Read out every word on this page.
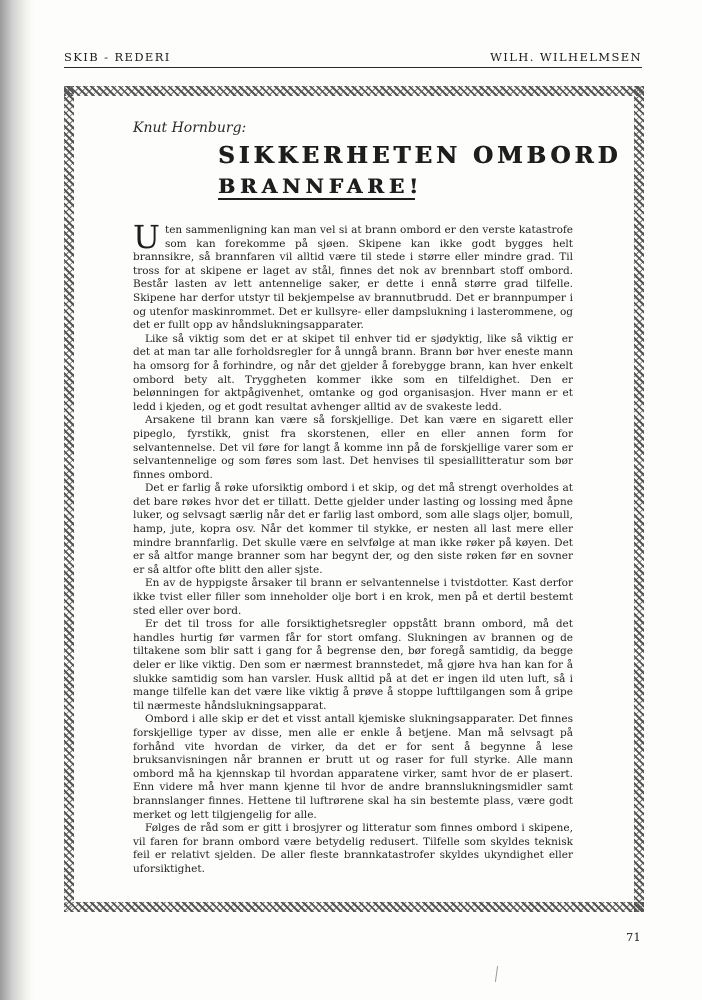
SKIB - REDERI	WILH. WILHELMSEN
Knut Hornburg:
SIKKERHETEN OMBORD
BRANNFARE!

Uten sammenligning kan man vel si at brann ombord er den verste katastrofe som kan forekomme på sjøen. Skipene kan ikke godt bygges helt brannsikre, så brannfaren vil alltid være til stede i større eller mindre grad. Til tross for at skipene er laget av stål, finnes det nok av brennbart stoff ombord. Består lasten av lett antennelige saker, er dette i ennå større grad tilfelle. Skipene har derfor utstyr til bekjempelse av brannutbrudd. Det er brannpumper i og utenfor maskinrommet. Det er kullsyre- eller dampslukning i lasterommene, og det er fullt opp av håndslukningsapparater.

Like så viktig som det er at skipet til enhver tid er sjødyktig, like så viktig er det at man tar alle forholdsregler for å unngå brann. Brann bør hver eneste mann ha omsorg for å forhindre, og når det gjelder å forebygge brann, kan hver enkelt ombord bety alt. Tryggheten kommer ikke som en tilfeldighet. Den er belønningen for aktpågivenhet, omtanke og god organisasjon. Hver mann er et ledd i kjeden, og et godt resultat avhenger alltid av de svakeste ledd.

Arsakene til brann kan være så forskjellige. Det kan være en sigarett eller pipeglo, fyrstikk, gnist fra skorstenen, eller en eller annen form for selvantennelse. Det vil føre for langt å komme inn på de forskjellige varer som er selvantennelige og som føres som last. Det henvises til spesiallitteratur som bør finnes ombord.

Det er farlig å røke uforsiktig ombord i et skip, og det må strengt overholdes at det bare røkes hvor det er tillatt. Dette gjelder under lasting og lossing med åpne luker, og selvsagt særlig når det er farlig last ombord, som alle slags oljer, bomull, hamp, jute, kopra osv. Når det kommer til stykke, er nesten all last mere eller mindre brannfarlig. Det skulle være en selvfølge at man ikke røker på køyen. Det er så altfor mange branner som har begynt der, og den siste røken før en sovner er så altfor ofte blitt den aller sjste.

En av de hyppigste årsaker til brann er selvantennelse i tvistdotter. Kast derfor ikke tvist eller filler som inneholder olje bort i en krok, men på et dertil bestemt sted eller over bord.

Er det til tross for alle forsiktighetsregler oppstått brann ombord, må det handles hurtig før varmen får for stort omfang. Slukningen av brannen og de tiltakene som blir satt i gang for å begrense den, bør foregå samtidig, da begge deler er like viktig. Den som er nærmest brannstedet, må gjøre hva han kan for å slukke samtidig som han varsler. Husk alltid på at det er ingen ild uten luft, så i mange tilfelle kan det være like viktig å prøve å stoppe lufttilgangen som å gripe til nærmeste håndslukningsapparat.

Ombord i alle skip er det et visst antall kjemiske slukningsapparater. Det finnes forskjellige typer av disse, men alle er enkle å betjene. Man må selvsagt på forhånd vite hvordan de virker, da det er for sent å begynne å lese bruksanvisningen når brannen er brutt ut og raser for full styrke. Alle mann ombord må ha kjennskap til hvordan apparatene virker, samt hvor de er plasert. Enn videre må hver mann kjenne til hvor de andre brannslukningsmidler samt brannslanger finnes. Hettene til luftrørene skal ha sin bestemte plass, være godt merket og lett tilgjengelig for alle.

Følges de råd som er gitt i brosjyrer og litteratur som finnes ombord i skipene, vil faren for brann ombord være betydelig redusert. Tilfelle som skyldes teknisk feil er relativt sjelden. De aller fleste brannkatastrofer skyldes ukyndighet eller uforsiktighet.

71
